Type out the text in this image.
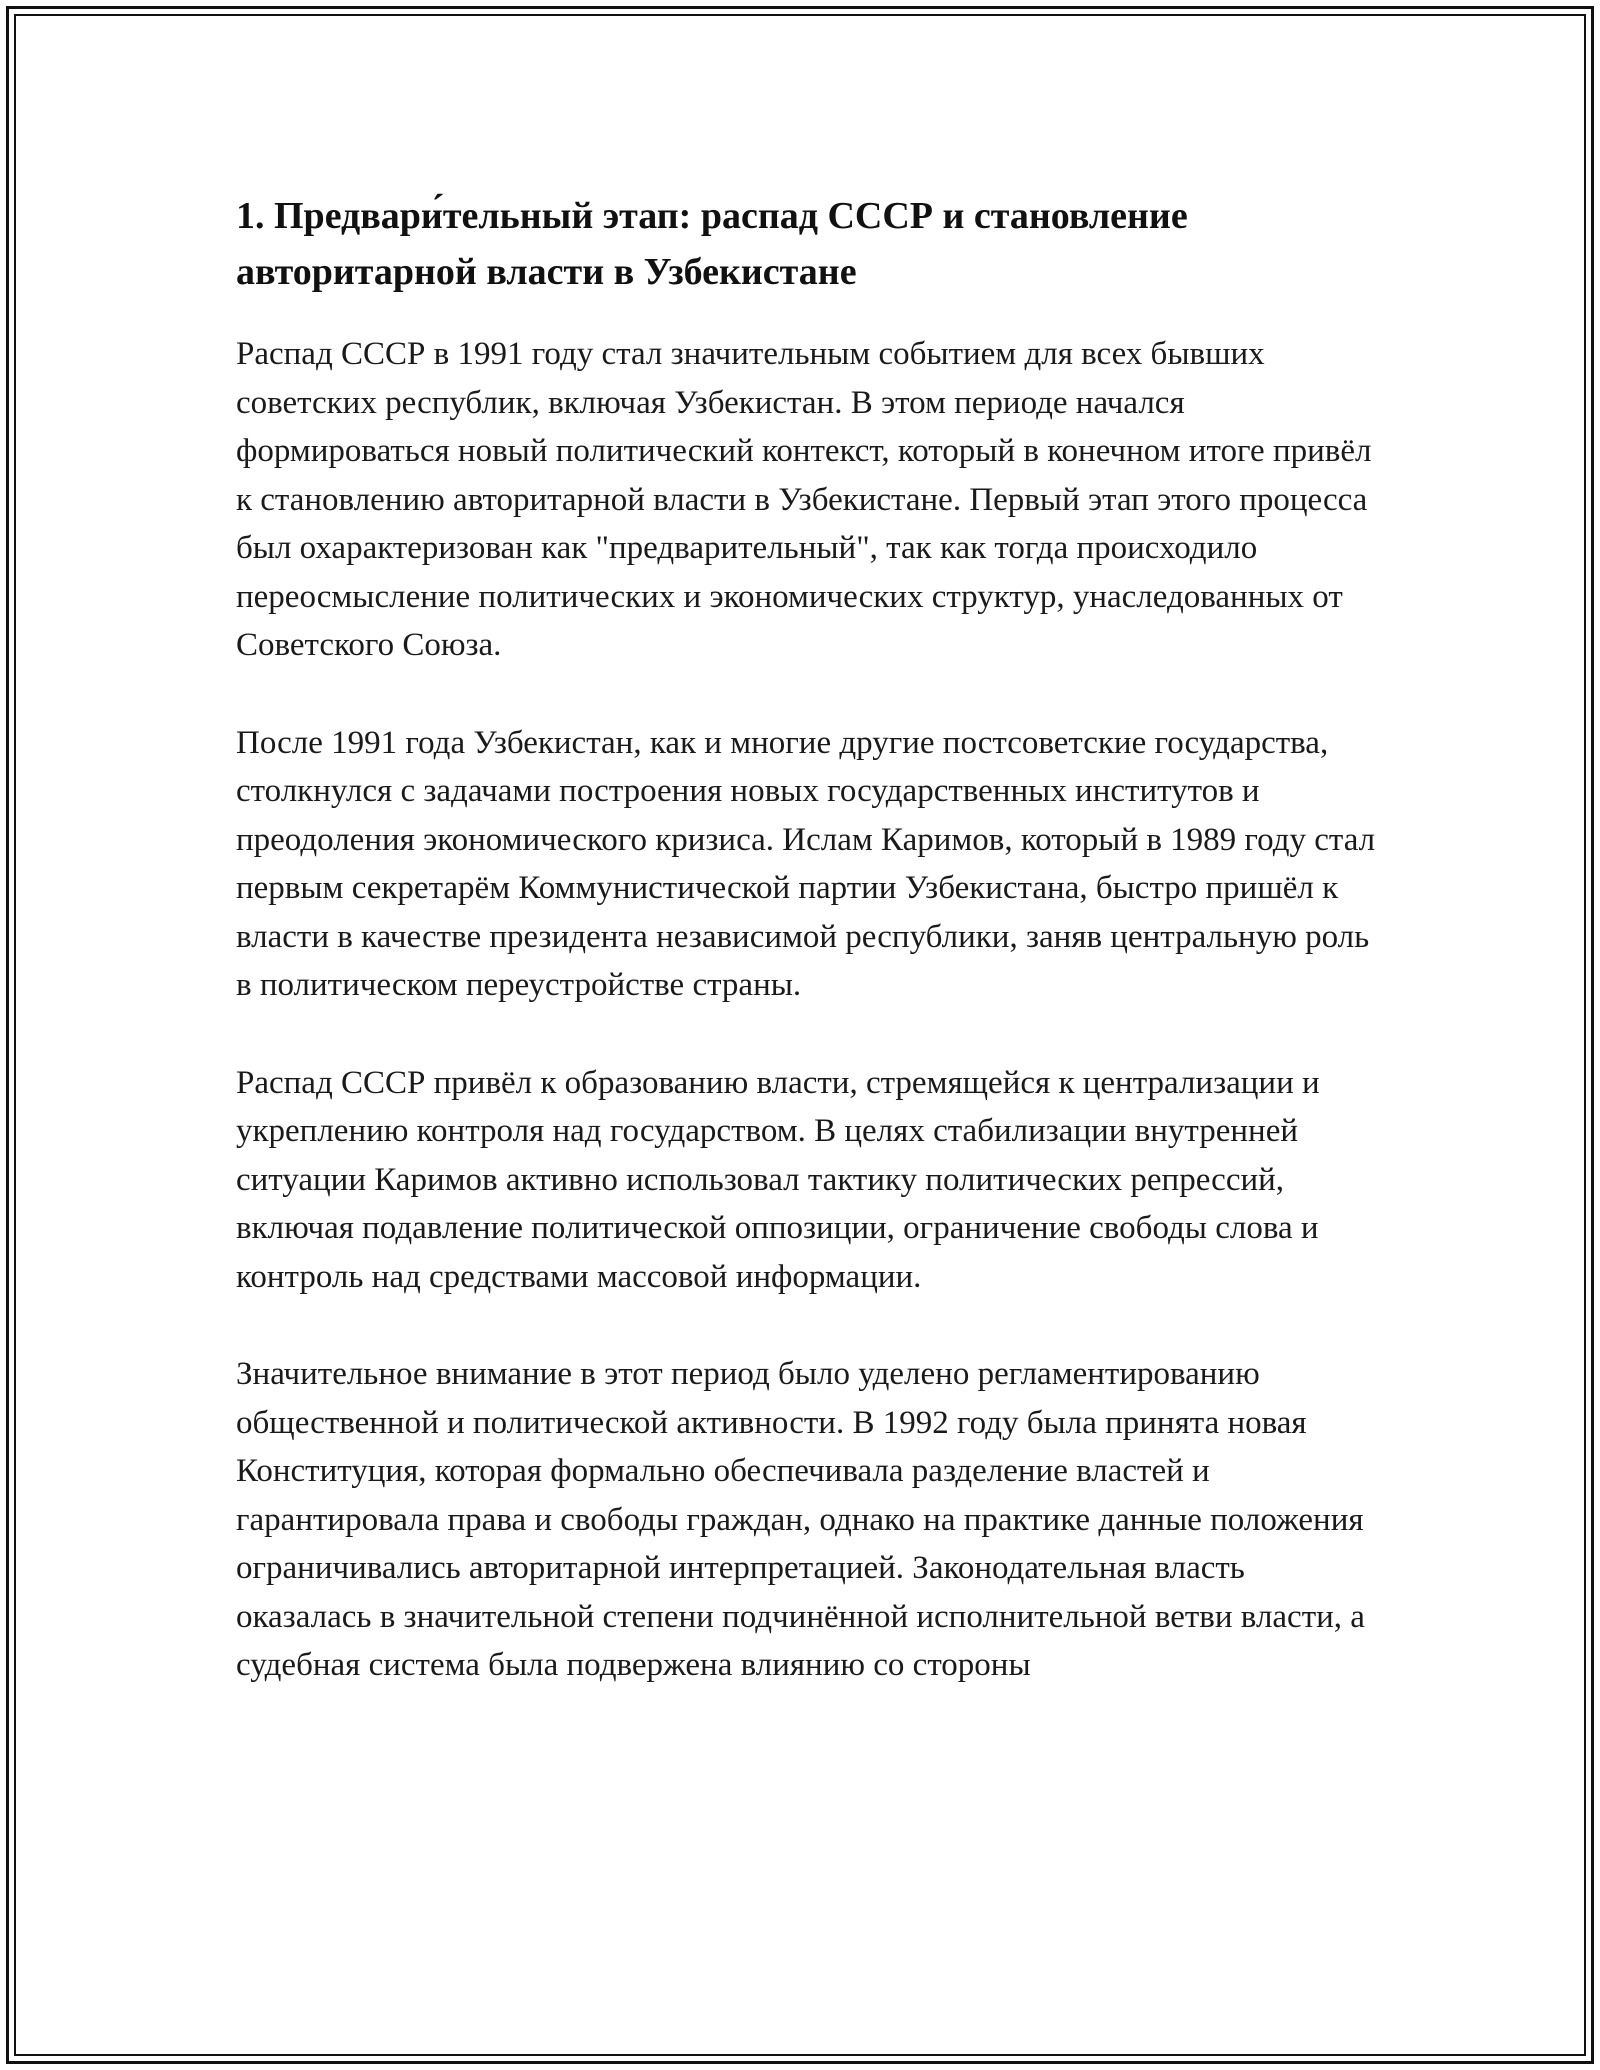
1. Предвари́тельный этап: распад СССР и становление авторитарной власти в Узбекистане

Распад СССР в 1991 году стал значительным событием для всех бывших советских республик, включая Узбекистан. В этом периоде начался формироваться новый политический контекст, который в конечном итоге привёл к становлению авторитарной власти в Узбекистане. Первый этап этого процесса был охарактеризован как "предварительный", так как тогда происходило переосмысление политических и экономических структур, унаследованных от Советского Союза.

После 1991 года Узбекистан, как и многие другие постсоветские государства, столкнулся с задачами построения новых государственных институтов и преодоления экономического кризиса. Ислам Каримов, который в 1989 году стал первым секретарём Коммунистической партии Узбекистана, быстро пришёл к власти в качестве президента независимой республики, заняв центральную роль в политическом переустройстве страны.

Распад СССР привёл к образованию власти, стремящейся к централизации и укреплению контроля над государством. В целях стабилизации внутренней ситуации Каримов активно использовал тактику политических репрессий, включая подавление политической оппозиции, ограничение свободы слова и контроль над средствами массовой информации.

Значительное внимание в этот период было уделено регламентированию общественной и политической активности. В 1992 году была принята новая Конституция, которая формально обеспечивала разделение властей и гарантировала права и свободы граждан, однако на практике данные положения ограничивались авторитарной интерпретацией. Законодательная власть оказалась в значительной степени подчинённой исполнительной ветви власти, а судебная система была подвержена влиянию со стороны
